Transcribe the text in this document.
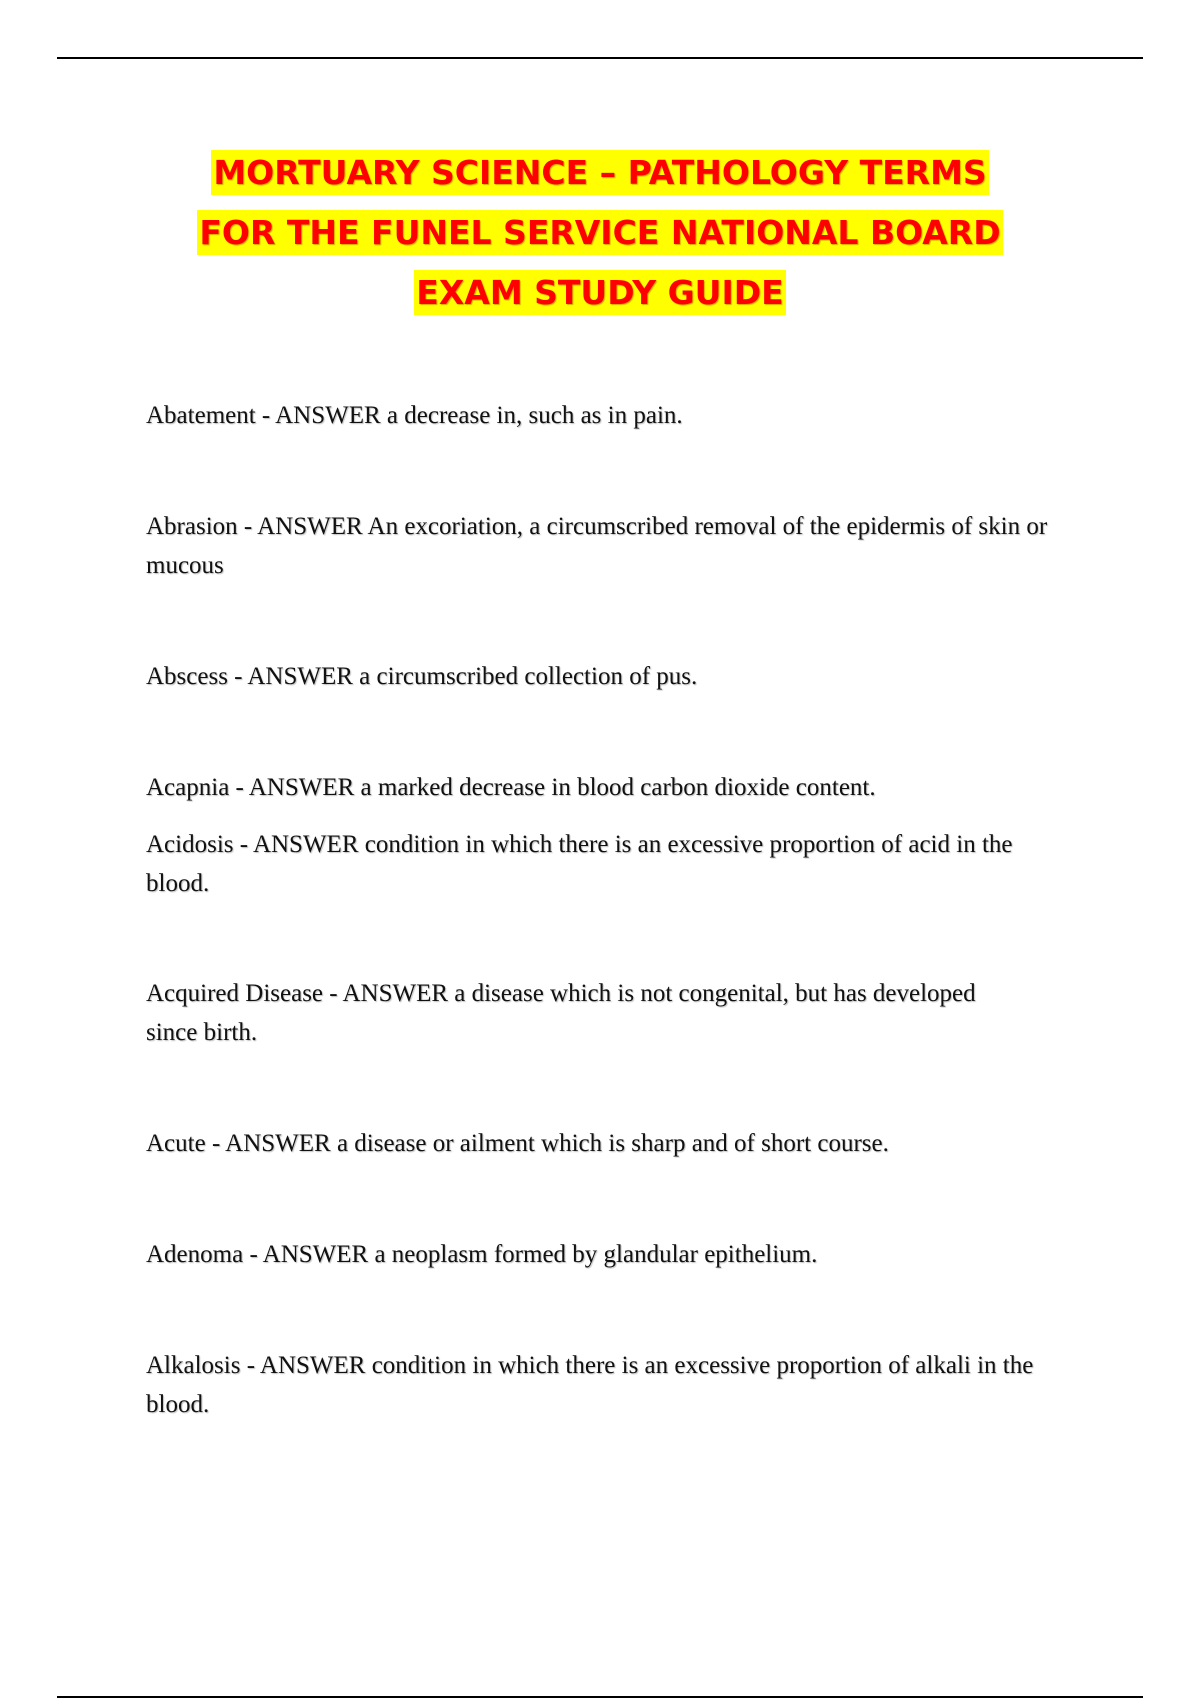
MORTUARY SCIENCE – PATHOLOGY TERMS
FOR THE FUNEL SERVICE NATIONAL BOARD
EXAM STUDY GUIDE

Abatement - ANSWER a decrease in, such as in pain.

Abrasion - ANSWER An excoriation, a circumscribed removal of the epidermis of skin or mucous

Abscess - ANSWER a circumscribed collection of pus.

Acapnia - ANSWER a marked decrease in blood carbon dioxide content.

Acidosis - ANSWER condition in which there is an excessive proportion of acid in the blood.

Acquired Disease - ANSWER a disease which is not congenital, but has developed since birth.

Acute - ANSWER a disease or ailment which is sharp and of short course.

Adenoma - ANSWER a neoplasm formed by glandular epithelium.

Alkalosis - ANSWER condition in which there is an excessive proportion of alkali in the blood.
